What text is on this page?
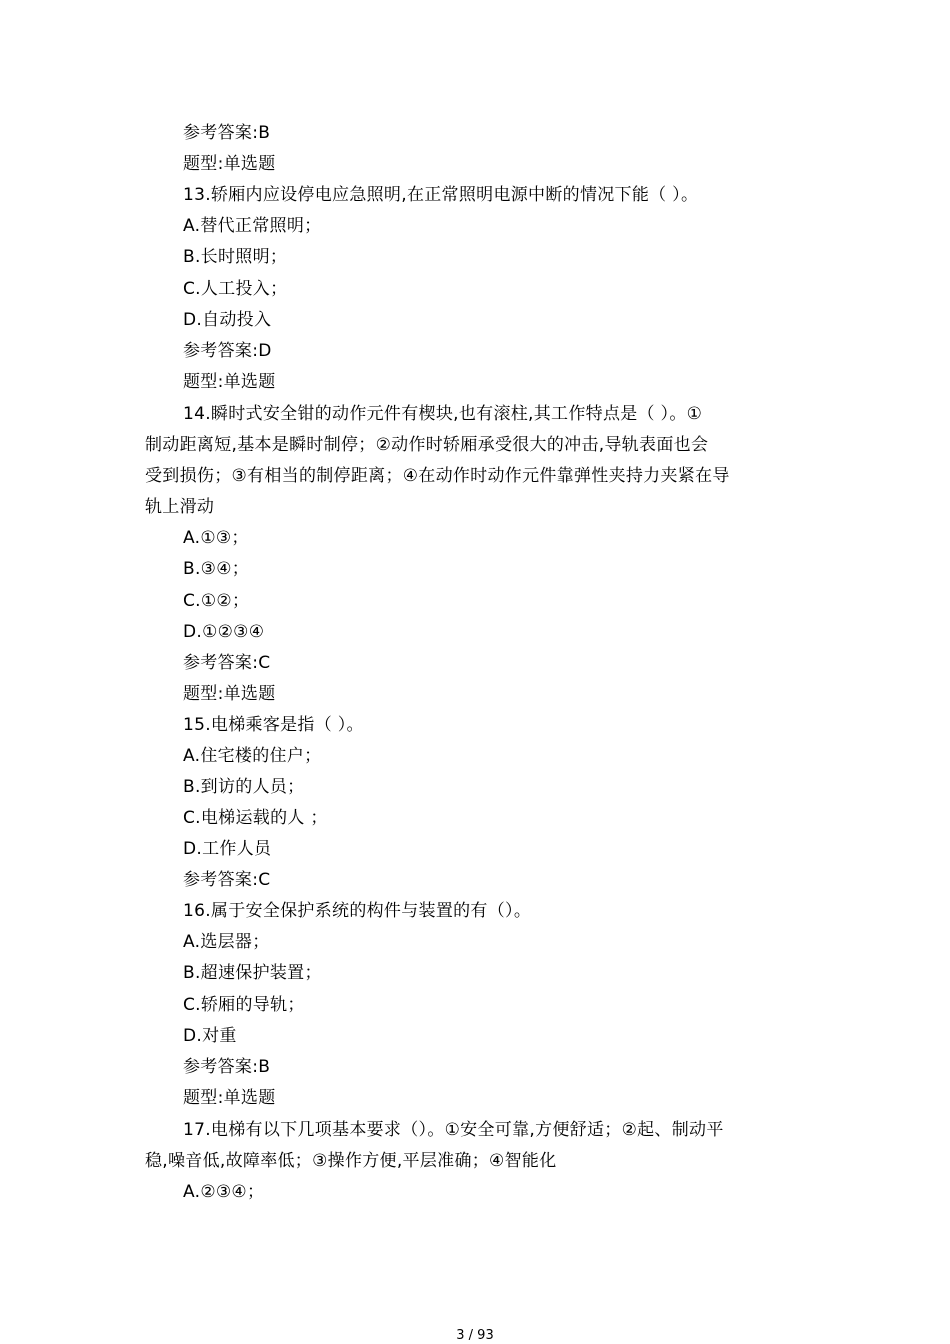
参考答案:B
题型:单选题
13.轿厢内应设停电应急照明,在正常照明电源中断的情况下能（ ）。
A.替代正常照明；
B.长时照明；
C.人工投入；
D.自动投入
参考答案:D
题型:单选题
14.瞬时式安全钳的动作元件有楔块,也有滚柱,其工作特点是（ ）。①
制动距离短,基本是瞬时制停；②动作时轿厢承受很大的冲击,导轨表面也会
受到损伤；③有相当的制停距离；④在动作时动作元件靠弹性夹持力夹紧在导
轨上滑动
A.①③；
B.③④；
C.①②；
D.①②③④
参考答案:C
题型:单选题
15.电梯乘客是指（ ）。
A.住宅楼的住户；
B.到访的人员；
C.电梯运载的人 ；
D.工作人员
参考答案:C
16.属于安全保护系统的构件与装置的有（）。
A.选层器；
B.超速保护装置；
C.轿厢的导轨；
D.对重
参考答案:B
题型:单选题
17.电梯有以下几项基本要求（）。①安全可靠,方便舒适；②起、制动平
稳,噪音低,故障率低；③操作方便,平层准确；④智能化
A.②③④；
3 / 93
